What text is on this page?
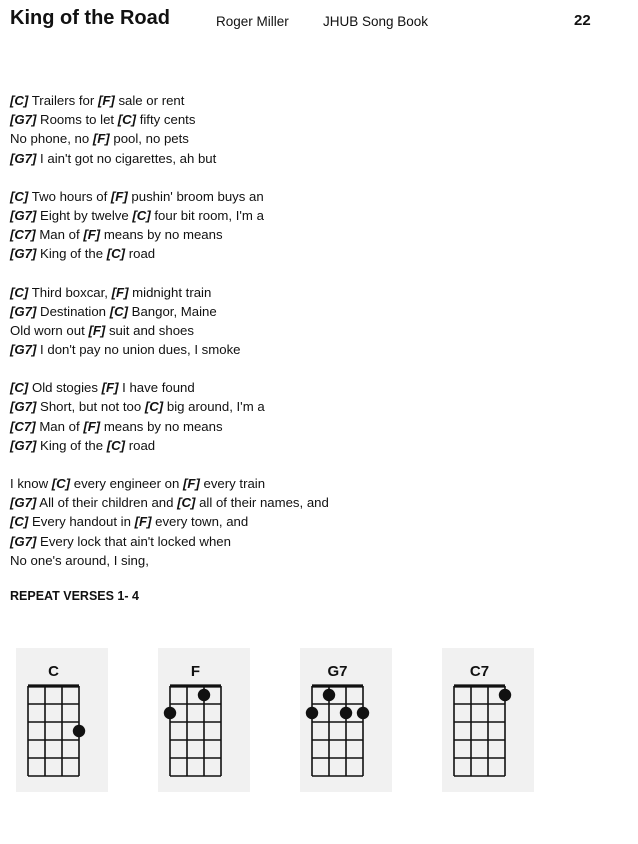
King of the Road	Roger Miller	JHUB Song Book	22
[C] Trailers for [F] sale or rent
[G7] Rooms to let [C] fifty cents
No phone, no [F] pool, no pets
[G7] I ain't got no cigarettes, ah but
[C] Two hours of [F] pushin' broom buys an
[G7] Eight by twelve [C] four bit room, I'm a
[C7] Man of [F] means by no means
[G7] King of the [C] road
[C] Third boxcar, [F] midnight train
[G7] Destination [C] Bangor, Maine
Old worn out [F] suit and shoes
[G7] I don't pay no union dues, I smoke
[C] Old stogies [F] I have found
[G7] Short, but not too [C] big around, I'm a
[C7] Man of [F] means by no means
[G7] King of the [C] road
I know [C] every engineer on [F] every train
[G7] All of their children and [C] all of their names, and
[C] Every handout in [F] every town, and
[G7] Every lock that ain't locked when
No one's around, I sing,
REPEAT VERSES 1- 4
C	F	G7	C7
